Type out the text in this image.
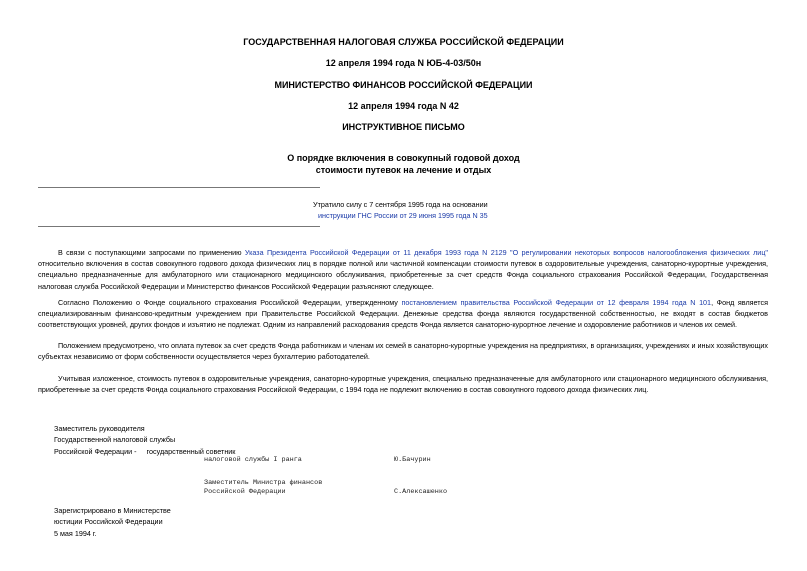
ГОСУДАРСТВЕННАЯ НАЛОГОВАЯ СЛУЖБА РОССИЙСКОЙ ФЕДЕРАЦИИ
12 апреля 1994 года N ЮБ-4-03/50н
МИНИСТЕРСТВО ФИНАНСОВ РОССИЙСКОЙ ФЕДЕРАЦИИ
12 апреля 1994 года N 42
ИНСТРУКТИВНОЕ ПИСЬМО
О порядке включения в совокупный годовой доход
стоимости путевок на лечение и отдых
Утратило силу с 7 сентября 1995 года на основании
инструкции ГНС России от 29 июня 1995 года N 35

В связи с поступающими запросами по применению Указа Президента Российской Федерации от 11 декабря 1993 года N 2129 "О регулировании некоторых вопросов налогообложения физических лиц" относительно включения в состав совокупного годового дохода физических лиц в порядке полной или частичной компенсации стоимости путевок в оздоровительные учреждения, санаторно-курортные учреждения, специально предназначенные для амбулаторного или стационарного медицинского обслуживания, приобретенные за счет средств Фонда социального страхования Российской Федерации, Государственная налоговая служба Российской Федерации и Министерство финансов Российской Федерации разъясняют следующее.

Согласно Положению о Фонде социального страхования Российской Федерации, утвержденному постановлением правительства Российской Федерации от 12 февраля 1994 года N 101, Фонд является специализированным финансово-кредитным учреждением при Правительстве Российской Федерации. Денежные средства фонда являются государственной собственностью, не входят в состав бюджетов соответствующих уровней, других фондов и изъятию не подлежат. Одним из направлений расходования средств Фонда является санаторно-курортное лечение и оздоровление работников и членов их семей.

Положением предусмотрено, что оплата путевок за счет средств Фонда работникам и членам их семей в санаторно-курортные учреждения на предприятиях, в организациях, учреждениях и иных хозяйствующих субъектах независимо от форм собственности осуществляется через бухгалтерию работодателей.

Учитывая изложенное, стоимость путевок в оздоровительные учреждения, санаторно-курортные учреждения, специально предназначенные для амбулаторного или стационарного медицинского обслуживания, приобретенные за счет средств Фонда социального страхования Российской Федерации, с 1994 года не подлежит включению в состав совокупного годового дохода физических лиц.

Заместитель руководителя
Государственной налоговой службы
Российской Федерации -     государственный советник
налоговой службы I ранга	Ю.Бачурин
Заместитель Министра финансов
Российской Федерации	С.Алексашенко
Зарегистрировано в Министерстве
юстиции Российской Федерации
5 мая 1994 г.
